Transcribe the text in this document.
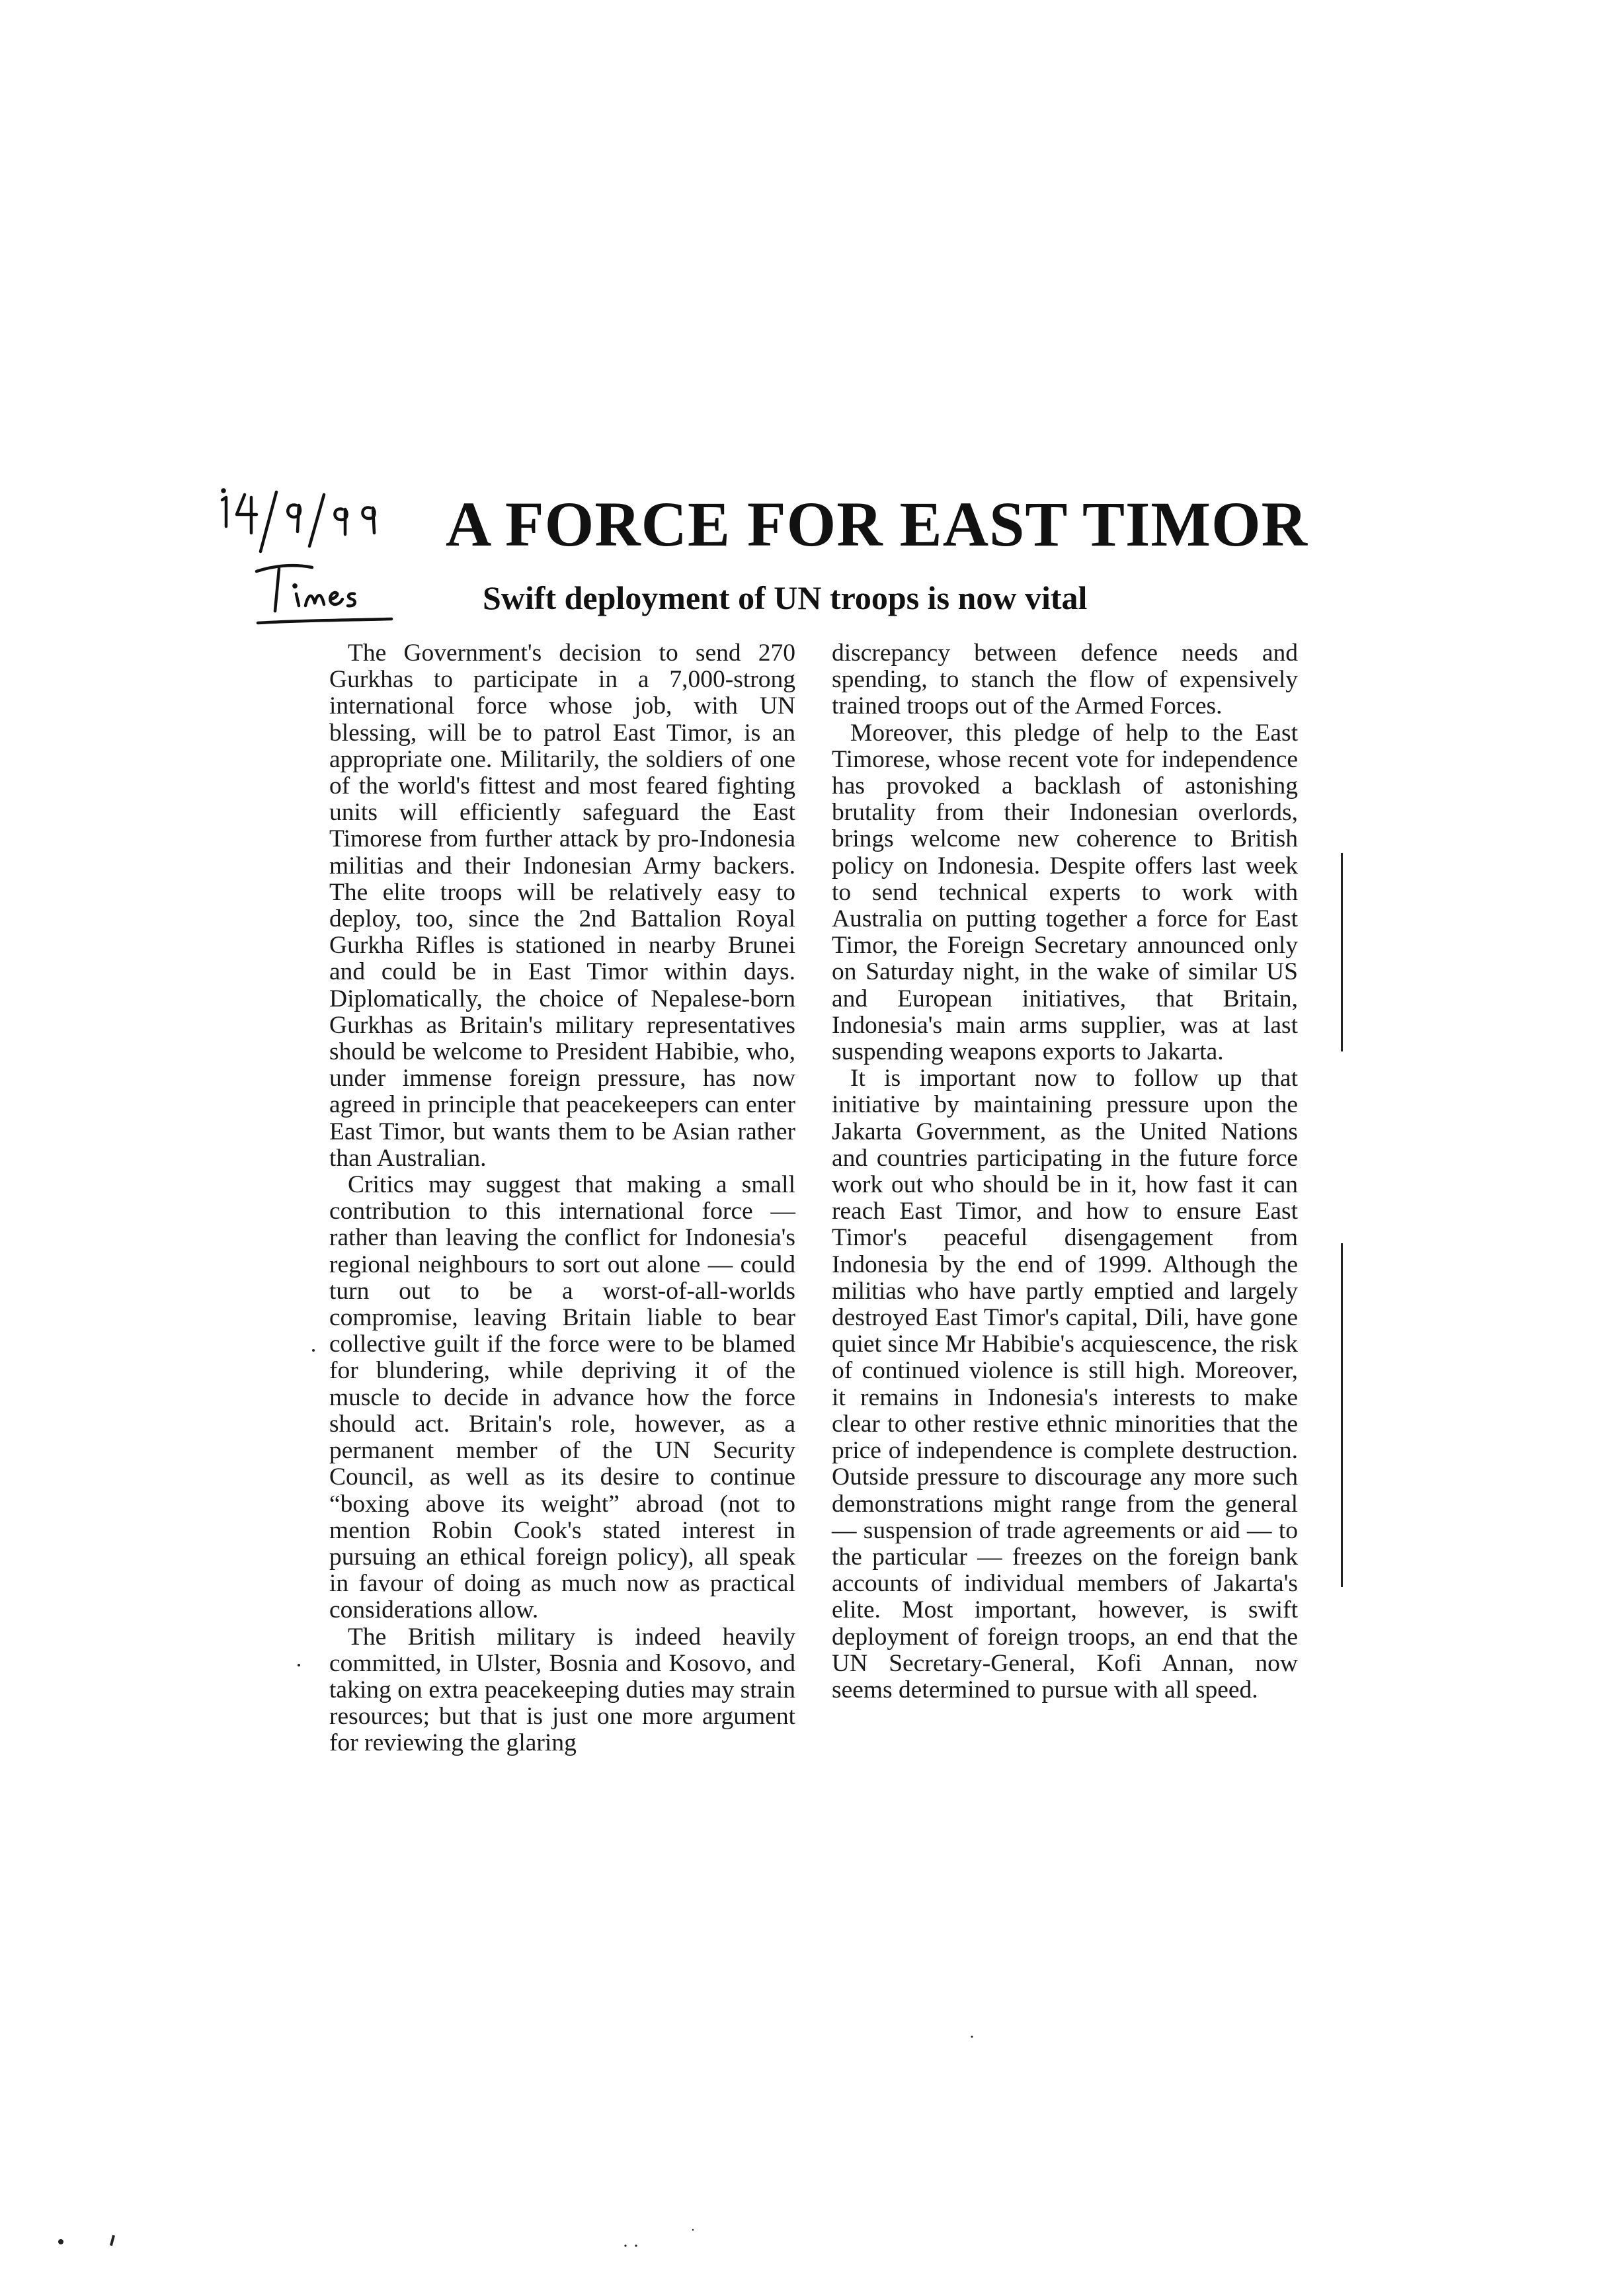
A FORCE FOR EAST TIMOR
Swift deployment of UN troops is now vital

The Government's decision to send 270 Gurkhas to participate in a 7,000-strong international force whose job, with UN blessing, will be to patrol East Timor, is an appropriate one. Militarily, the soldiers of one of the world's fittest and most feared fighting units will efficiently safeguard the East Timorese from further attack by pro-Indonesia militias and their Indonesian Army backers. The elite troops will be relatively easy to deploy, too, since the 2nd Battalion Royal Gurkha Rifles is stationed in nearby Brunei and could be in East Timor within days. Diplomatically, the choice of Nepalese-born Gurkhas as Britain's military representatives should be welcome to President Habibie, who, under immense foreign pressure, has now agreed in principle that peacekeepers can enter East Timor, but wants them to be Asian rather than Australian.

Critics may suggest that making a small contribution to this international force — rather than leaving the conflict for Indonesia's regional neighbours to sort out alone — could turn out to be a worst-of-all-worlds compromise, leaving Britain liable to bear collective guilt if the force were to be blamed for blundering, while depriving it of the muscle to decide in advance how the force should act. Britain's role, however, as a permanent member of the UN Security Council, as well as its desire to continue “boxing above its weight” abroad (not to mention Robin Cook's stated interest in pursuing an ethical foreign policy), all speak in favour of doing as much now as practical considerations allow.

The British military is indeed heavily committed, in Ulster, Bosnia and Kosovo, and taking on extra peacekeeping duties may strain resources; but that is just one more argument for reviewing the glaring

discrepancy between defence needs and spending, to stanch the flow of expensively trained troops out of the Armed Forces.

Moreover, this pledge of help to the East Timorese, whose recent vote for independence has provoked a backlash of astonishing brutality from their Indonesian overlords, brings welcome new coherence to British policy on Indonesia. Despite offers last week to send technical experts to work with Australia on putting together a force for East Timor, the Foreign Secretary announced only on Saturday night, in the wake of similar US and European initiatives, that Britain, Indonesia's main arms supplier, was at last suspending weapons exports to Jakarta.

It is important now to follow up that initiative by maintaining pressure upon the Jakarta Government, as the United Nations and countries participating in the future force work out who should be in it, how fast it can reach East Timor, and how to ensure East Timor's peaceful disengagement from Indonesia by the end of 1999. Although the militias who have partly emptied and largely destroyed East Timor's capital, Dili, have gone quiet since Mr Habibie's acquiescence, the risk of continued violence is still high. Moreover, it remains in Indonesia's interests to make clear to other restive ethnic minorities that the price of independence is complete destruction. Outside pressure to discourage any more such demonstrations might range from the general — suspension of trade agreements or aid — to the particular — freezes on the foreign bank accounts of individual members of Jakarta's elite. Most important, however, is swift deployment of foreign troops, an end that the UN Secretary-General, Kofi Annan, now seems determined to pursue with all speed.
